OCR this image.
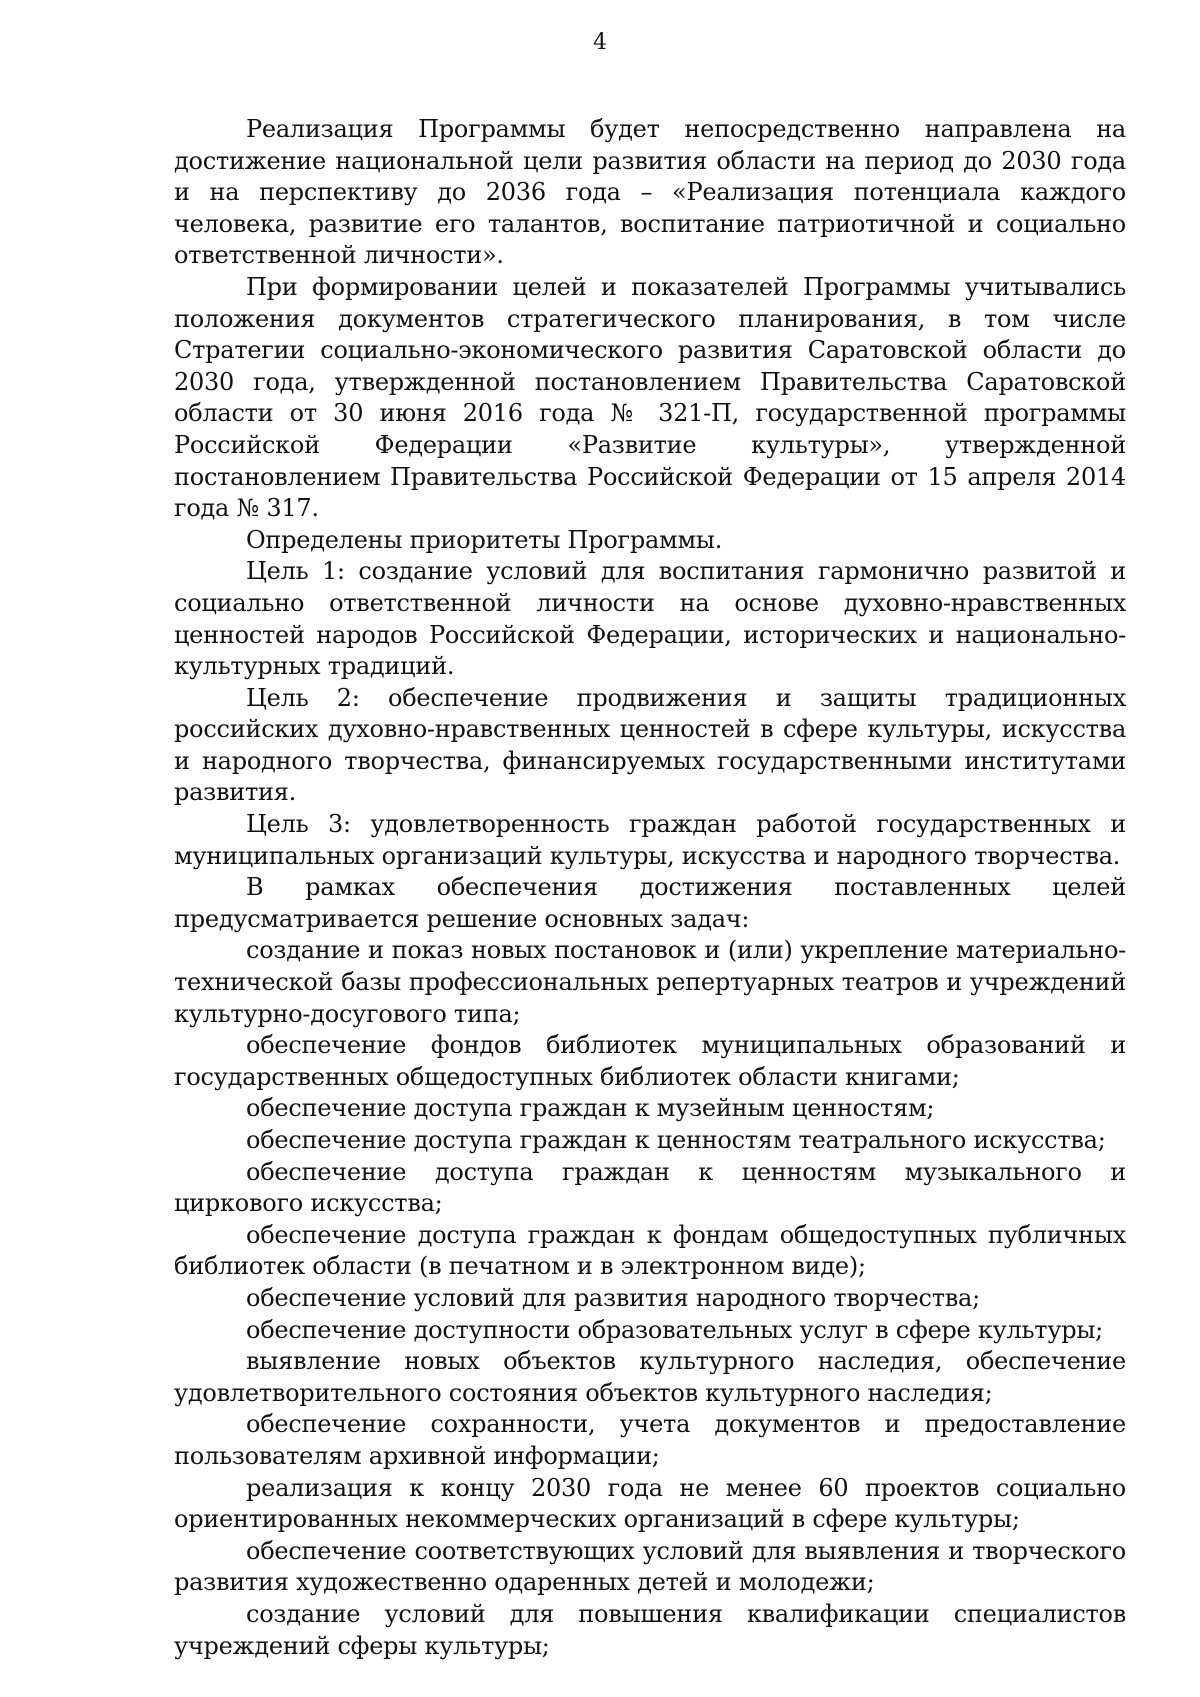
4

Реализация Программы будет непосредственно направлена на достижение национальной цели развития области на период до 2030 года и на перспективу до 2036 года – «Реализация потенциала каждого человека, развитие его талантов, воспитание патриотичной и социально ответственной личности».

При формировании целей и показателей Программы учитывались положения документов стратегического планирования, в том числе Стратегии социально-экономического развития Саратовской области до 2030 года, утвержденной постановлением Правительства Саратовской области от 30 июня 2016 года № 321-П, государственной программы Российской Федерации «Развитие культуры», утвержденной постановлением Правительства Российской Федерации от 15 апреля 2014 года № 317.

Определены приоритеты Программы.

Цель 1: создание условий для воспитания гармонично развитой и социально ответственной личности на основе духовно-нравственных ценностей народов Российской Федерации, исторических и национально-культурных традиций.

Цель 2: обеспечение продвижения и защиты традиционных российских духовно-нравственных ценностей в сфере культуры, искусства и народного творчества, финансируемых государственными институтами развития.

Цель 3: удовлетворенность граждан работой государственных и муниципальных организаций культуры, искусства и народного творчества.

В рамках обеспечения достижения поставленных целей предусматривается решение основных задач:

создание и показ новых постановок и (или) укрепление материально-технической базы профессиональных репертуарных театров и учреждений культурно-досугового типа;

обеспечение фондов библиотек муниципальных образований и государственных общедоступных библиотек области книгами;

обеспечение доступа граждан к музейным ценностям;

обеспечение доступа граждан к ценностям театрального искусства;

обеспечение доступа граждан к ценностям музыкального и циркового искусства;

обеспечение доступа граждан к фондам общедоступных публичных библиотек области (в печатном и в электронном виде);

обеспечение условий для развития народного творчества;

обеспечение доступности образовательных услуг в сфере культуры;

выявление новых объектов культурного наследия, обеспечение удовлетворительного состояния объектов культурного наследия;

обеспечение сохранности, учета документов и предоставление пользователям архивной информации;

реализация к концу 2030 года не менее 60 проектов социально ориентированных некоммерческих организаций в сфере культуры;

обеспечение соответствующих условий для выявления и творческого развития художественно одаренных детей и молодежи;

создание условий для повышения квалификации специалистов учреждений сферы культуры;
